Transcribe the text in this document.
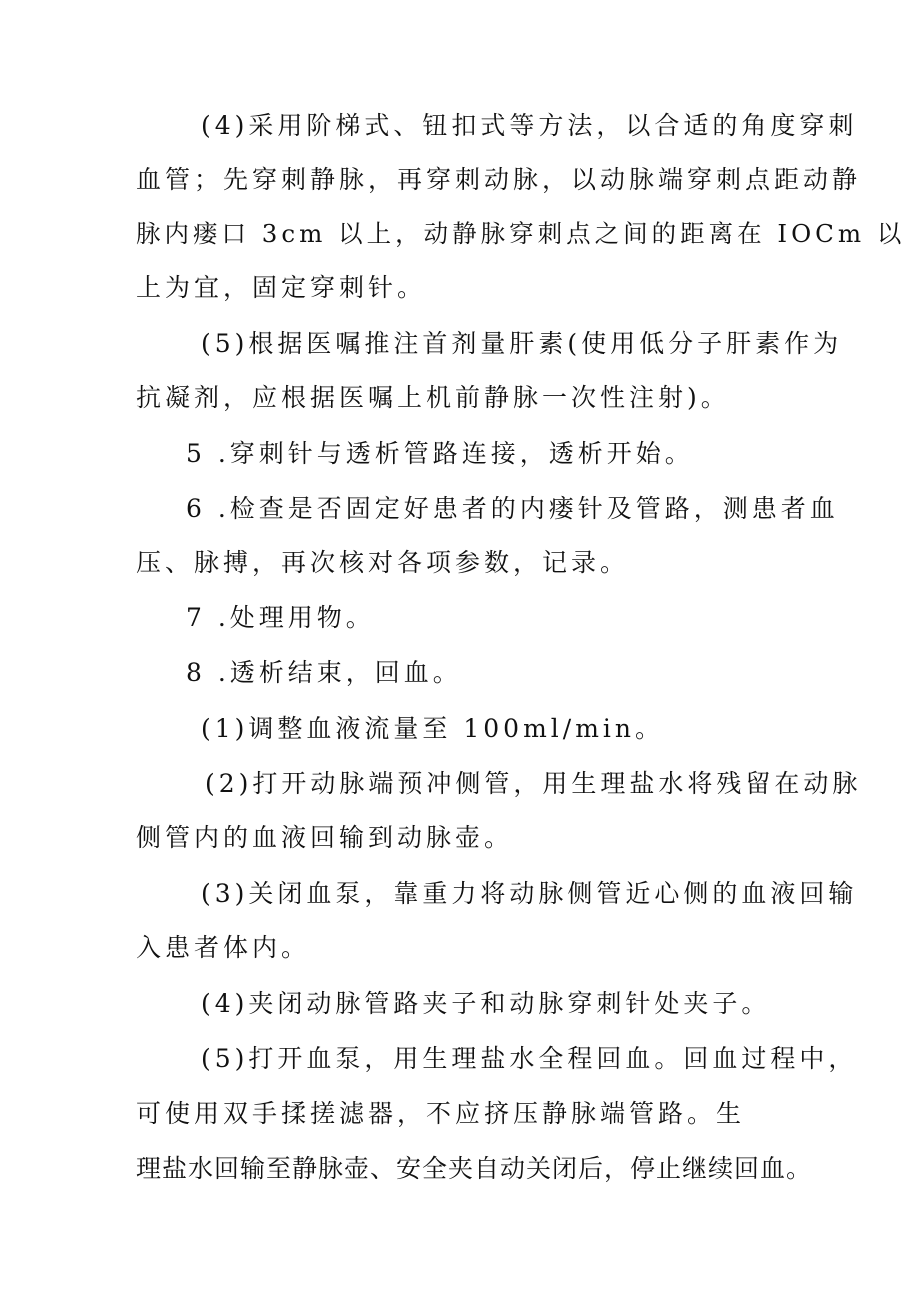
(4)采用阶梯式、钮扣式等方法，以合适的角度穿刺
血管；先穿刺静脉，再穿刺动脉，以动脉端穿刺点距动静
脉内瘘口 3cm 以上，动静脉穿刺点之间的距离在 IOCm 以
上为宜，固定穿刺针。
(5)根据医嘱推注首剂量肝素(使用低分子肝素作为
抗凝剂，应根据医嘱上机前静脉一次性注射)。
5 .穿刺针与透析管路连接，透析开始。
6 .检查是否固定好患者的内瘘针及管路，测患者血
压、脉搏，再次核对各项参数，记录。
7 .处理用物。
8 .透析结束，回血。
(1)调整血液流量至 100ml∕min。
(2)打开动脉端预冲侧管，用生理盐水将残留在动脉
侧管内的血液回输到动脉壶。
(3)关闭血泵，靠重力将动脉侧管近心侧的血液回输
入患者体内。
(4)夹闭动脉管路夹子和动脉穿刺针处夹子。
(5)打开血泵，用生理盐水全程回血。回血过程中，
可使用双手揉搓滤器，不应挤压静脉端管路。生
理盐水回输至静脉壶、安全夹自动关闭后，停止继续回血。
